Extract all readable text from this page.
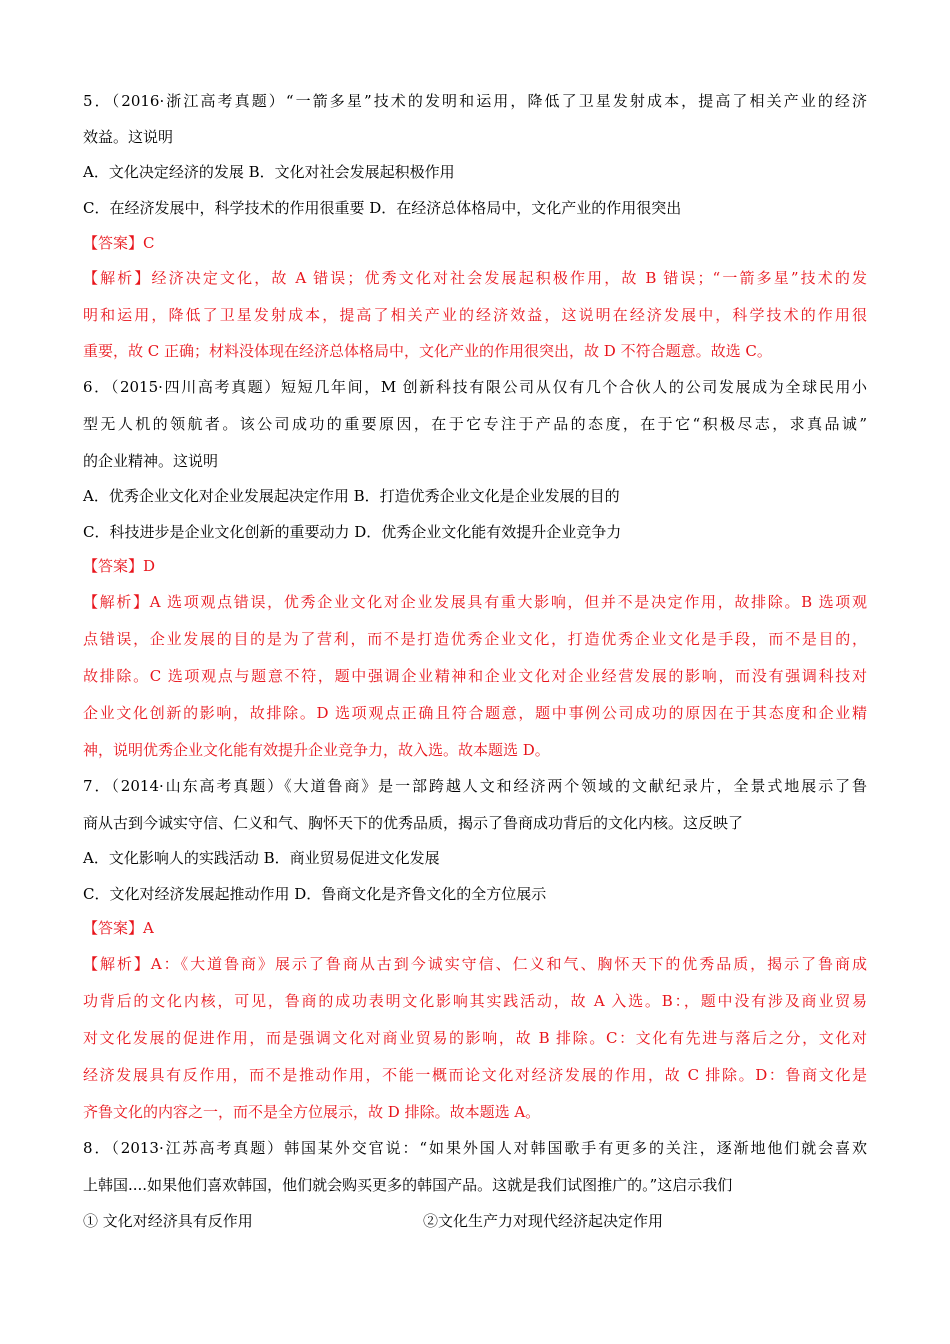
5．（2016·浙江高考真题）“一箭多星”技术的发明和运用，降低了卫星发射成本，提高了相关产业的经济
效益。这说明
A．文化决定经济的发展 B．文化对社会发展起积极作用
C．在经济发展中，科学技术的作用很重要 D．在经济总体格局中，文化产业的作用很突出
【答案】C
【解析】经济决定文化，故 A 错误；优秀文化对社会发展起积极作用，故 B 错误；“一箭多星”技术的发
明和运用，降低了卫星发射成本，提高了相关产业的经济效益，这说明在经济发展中，科学技术的作用很
重要，故 C 正确；材料没体现在经济总体格局中，文化产业的作用很突出，故 D 不符合题意。故选 C。
6．（2015·四川高考真题）短短几年间，M 创新科技有限公司从仅有几个合伙人的公司发展成为全球民用小
型无人机的领航者。该公司成功的重要原因，在于它专注于产品的态度，在于它“积极尽志，求真品诚”
的企业精神。这说明
A．优秀企业文化对企业发展起决定作用 B．打造优秀企业文化是企业发展的目的
C．科技进步是企业文化创新的重要动力 D．优秀企业文化能有效提升企业竞争力
【答案】D
【解析】A 选项观点错误，优秀企业文化对企业发展具有重大影响，但并不是决定作用，故排除。B 选项观
点错误，企业发展的目的是为了营利，而不是打造优秀企业文化，打造优秀企业文化是手段，而不是目的，
故排除。C 选项观点与题意不符，题中强调企业精神和企业文化对企业经营发展的影响，而没有强调科技对
企业文化创新的影响，故排除。D 选项观点正确且符合题意，题中事例公司成功的原因在于其态度和企业精
神，说明优秀企业文化能有效提升企业竞争力，故入选。故本题选 D。
7．（2014·山东高考真题）《大道鲁商》是一部跨越人文和经济两个领域的文献纪录片，全景式地展示了鲁
商从古到今诚实守信、仁义和气、胸怀天下的优秀品质，揭示了鲁商成功背后的文化内核。这反映了
A．文化影响人的实践活动 B．商业贸易促进文化发展
C．文化对经济发展起推动作用 D．鲁商文化是齐鲁文化的全方位展示
【答案】A
【解析】A：《大道鲁商》展示了鲁商从古到今诚实守信、仁义和气、胸怀天下的优秀品质，揭示了鲁商成
功背后的文化内核，可见，鲁商的成功表明文化影响其实践活动，故 A 入选。B：，题中没有涉及商业贸易
对文化发展的促进作用，而是强调文化对商业贸易的影响，故 B 排除。C：文化有先进与落后之分，文化对
经济发展具有反作用，而不是推动作用，不能一概而论文化对经济发展的作用，故 C 排除。D：鲁商文化是
齐鲁文化的内容之一，而不是全方位展示，故 D 排除。故本题选 A。
8．（2013·江苏高考真题）韩国某外交官说：“如果外国人对韩国歌手有更多的关注，逐渐地他们就会喜欢
上韩国....如果他们喜欢韩国，他们就会购买更多的韩国产品。这就是我们试图推广的。”这启示我们
① 文化对经济具有反作用	②文化生产力对现代经济起决定作用
